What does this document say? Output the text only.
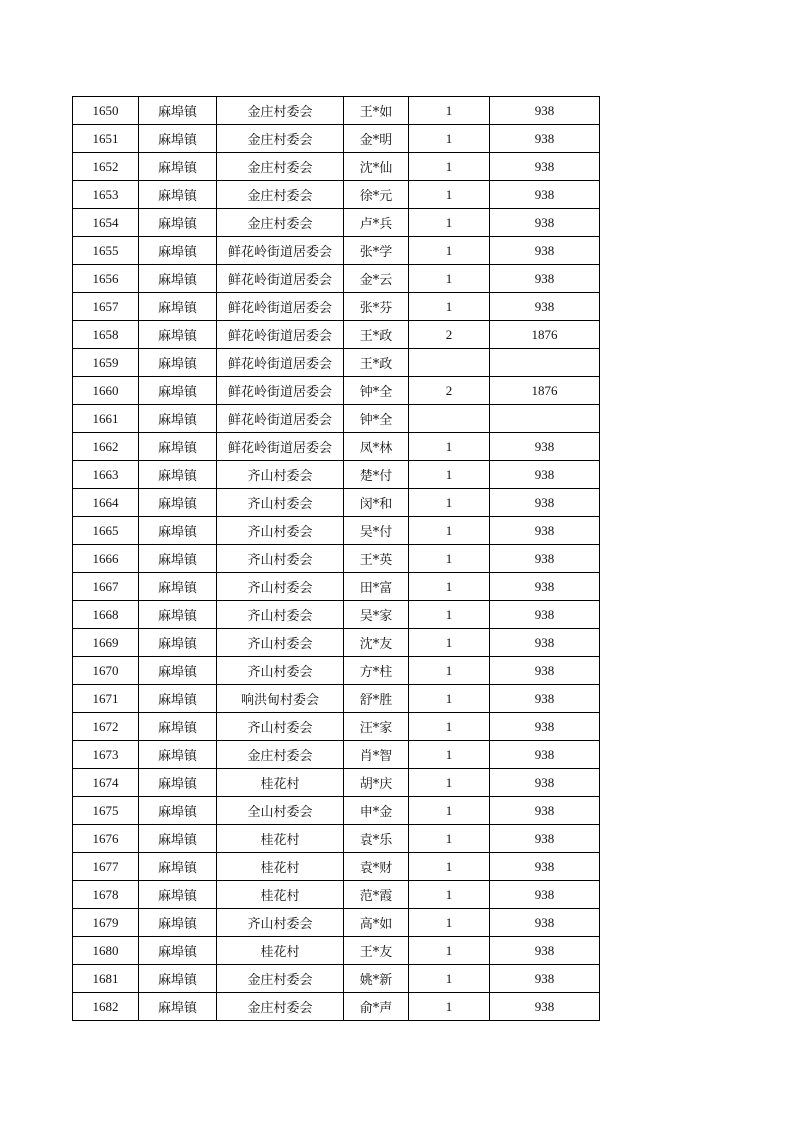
1650	麻埠镇	金庄村委会	王*如	1	938
1651	麻埠镇	金庄村委会	金*明	1	938
1652	麻埠镇	金庄村委会	沈*仙	1	938
1653	麻埠镇	金庄村委会	徐*元	1	938
1654	麻埠镇	金庄村委会	卢*兵	1	938
1655	麻埠镇	鲜花岭街道居委会	张*学	1	938
1656	麻埠镇	鲜花岭街道居委会	金*云	1	938
1657	麻埠镇	鲜花岭街道居委会	张*芬	1	938
1658	麻埠镇	鲜花岭街道居委会	王*政	2	1876
1659	麻埠镇	鲜花岭街道居委会	王*政		
1660	麻埠镇	鲜花岭街道居委会	钟*全	2	1876
1661	麻埠镇	鲜花岭街道居委会	钟*全		
1662	麻埠镇	鲜花岭街道居委会	凤*林	1	938
1663	麻埠镇	齐山村委会	楚*付	1	938
1664	麻埠镇	齐山村委会	闵*和	1	938
1665	麻埠镇	齐山村委会	吴*付	1	938
1666	麻埠镇	齐山村委会	王*英	1	938
1667	麻埠镇	齐山村委会	田*富	1	938
1668	麻埠镇	齐山村委会	吴*家	1	938
1669	麻埠镇	齐山村委会	沈*友	1	938
1670	麻埠镇	齐山村委会	方*柱	1	938
1671	麻埠镇	响洪甸村委会	舒*胜	1	938
1672	麻埠镇	齐山村委会	汪*家	1	938
1673	麻埠镇	金庄村委会	肖*智	1	938
1674	麻埠镇	桂花村	胡*庆	1	938
1675	麻埠镇	全山村委会	申*金	1	938
1676	麻埠镇	桂花村	袁*乐	1	938
1677	麻埠镇	桂花村	袁*财	1	938
1678	麻埠镇	桂花村	范*霞	1	938
1679	麻埠镇	齐山村委会	高*如	1	938
1680	麻埠镇	桂花村	王*友	1	938
1681	麻埠镇	金庄村委会	姚*新	1	938
1682	麻埠镇	金庄村委会	俞*声	1	938
